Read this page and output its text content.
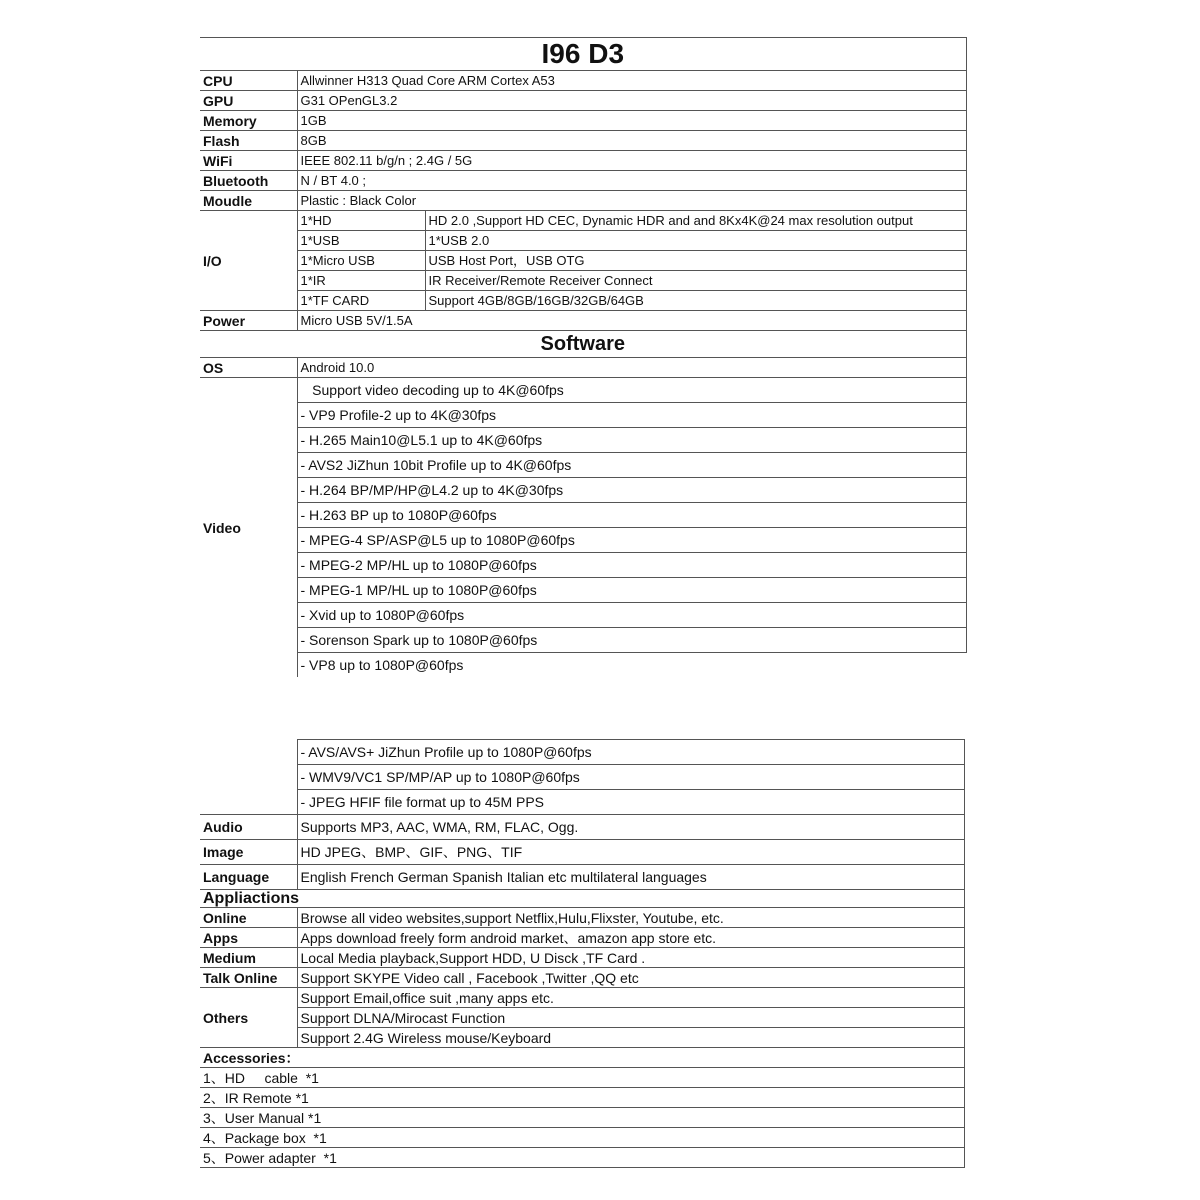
I96 D3		
CPU	Allwinner H313 Quad Core ARM Cortex A53	
GPU	G31 OPenGL3.2	
Memory	1GB	
Flash	8GB	
WiFi	IEEE 802.11 b/g/n ; 2.4G / 5G	
Bluetooth	N / BT 4.0 ;	
Moudle	Plastic : Black Color	
I/O	1*HD	HD 2.0 ,Support HD CEC, Dynamic HDR and and 8Kx4K@24 max resolution output
	1*USB	1*USB 2.0
	1*Micro USB	USB Host Port，USB OTG
	1*IR	IR Receiver/Remote Receiver Connect
	1*TF CARD	Support 4GB/8GB/16GB/32GB/64GB
Power	Micro USB 5V/1.5A	
Software		
OS	Android 10.0	
Video	Support video decoding up to 4K@60fps	
	- VP9 Profile-2 up to 4K@30fps	
	- H.265 Main10@L5.1 up to 4K@60fps	
	- AVS2 JiZhun 10bit Profile up to 4K@60fps	
	- H.264 BP/MP/HP@L4.2 up to 4K@30fps	
	- H.263 BP up to 1080P@60fps	
	- MPEG-4 SP/ASP@L5 up to 1080P@60fps	
	- MPEG-2 MP/HL up to 1080P@60fps	
	- MPEG-1 MP/HL up to 1080P@60fps	
	- Xvid up to 1080P@60fps	
	- Sorenson Spark up to 1080P@60fps	
	- VP8 up to 1080P@60fps	
	- AVS/AVS+ JiZhun Profile up to 1080P@60fps
	- WMV9/VC1 SP/MP/AP up to 1080P@60fps
	- JPEG HFIF file format up to 45M PPS
Audio	Supports MP3, AAC, WMA, RM, FLAC, Ogg.
Image	HD JPEG、BMP、GIF、PNG、TIF
Language	English French German Spanish Italian etc multilateral languages
Appliactions	
Online	Browse all video websites,support Netflix,Hulu,Flixster, Youtube, etc.
Apps	Apps download freely form android market、amazon app store etc.
Medium	Local Media playback,Support HDD, U Disck ,TF Card .
Talk Online	Support SKYPE Video call , Facebook ,Twitter ,QQ etc
Others	Support Email,office suit ,many apps etc.
	Support DLNA/Mirocast Function
	Support 2.4G Wireless mouse/Keyboard
Accessories：	
1、HD     cable  *1	
2、IR Remote *1	
3、User Manual *1	
4、Package box  *1	
5、Power adapter  *1	
